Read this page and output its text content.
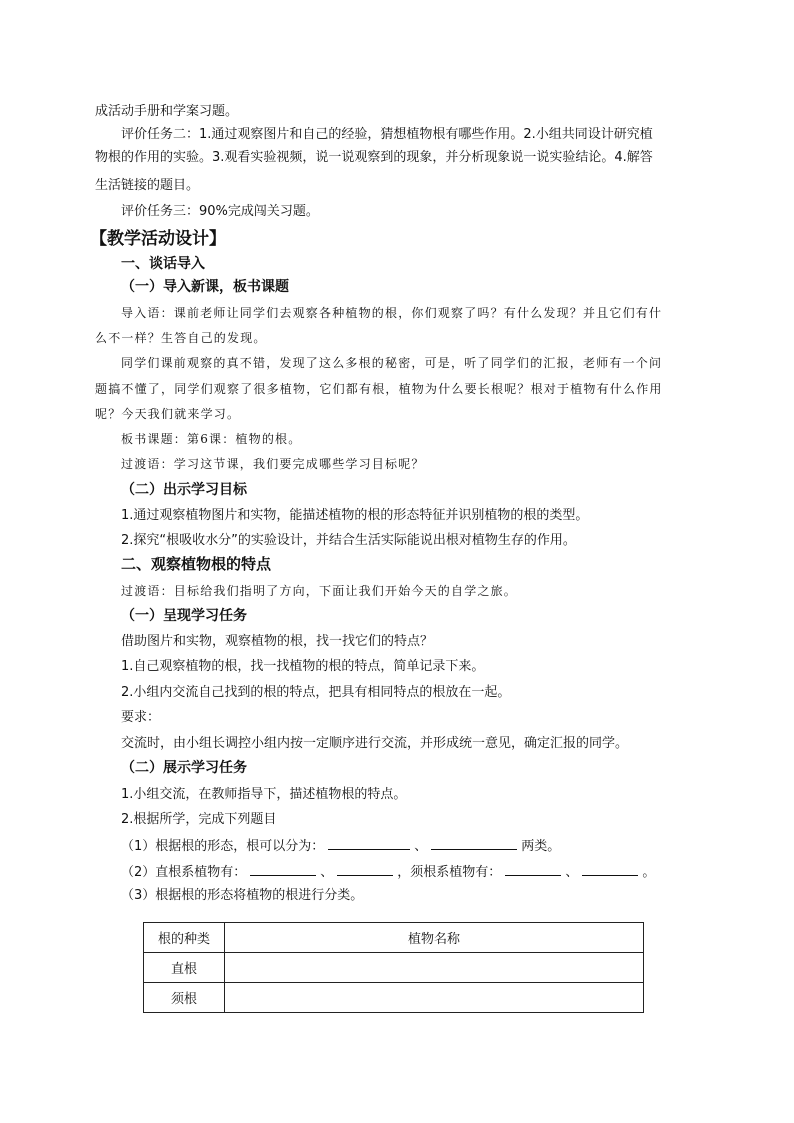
成活动手册和学案习题。
评价任务二：1.通过观察图片和自己的经验，猜想植物根有哪些作用。2.小组共同设计研究植
物根的作用的实验。3.观看实验视频，说一说观察到的现象，并分析现象说一说实验结论。4.解答
生活链接的题目。
评价任务三：90%完成闯关习题。
【教学活动设计】
一、谈话导入
（一）导入新课，板书课题
导入语：课前老师让同学们去观察各种植物的根，你们观察了吗？有什么发现？并且它们有什
么不一样？生答自己的发现。
同学们课前观察的真不错，发现了这么多根的秘密，可是，听了同学们的汇报，老师有一个问
题搞不懂了，同学们观察了很多植物，它们都有根，植物为什么要长根呢？根对于植物有什么作用
呢？今天我们就来学习。
板书课题：第6课：植物的根。
过渡语：学习这节课，我们要完成哪些学习目标呢？
（二）出示学习目标
1.通过观察植物图片和实物，能描述植物的根的形态特征并识别植物的根的类型。
2.探究“根吸收水分”的实验设计，并结合生活实际能说出根对植物生存的作用。
二、观察植物根的特点
过渡语：目标给我们指明了方向，下面让我们开始今天的自学之旅。
（一）呈现学习任务
借助图片和实物，观察植物的根，找一找它们的特点？
1.自己观察植物的根，找一找植物的根的特点，简单记录下来。
2.小组内交流自己找到的根的特点，把具有相同特点的根放在一起。
要求：
交流时，由小组长调控小组内按一定顺序进行交流，并形成统一意见，确定汇报的同学。
（二）展示学习任务
1.小组交流，在教师指导下，描述植物根的特点。
2.根据所学，完成下列题目
（1）根据根的形态，根可以分为：	、	两类。
（2）直根系植物有：	、	，须根系植物有：	、	。
（3）根据根的形态将植物的根进行分类。
根的种类	植物名称
直根	
须根	
